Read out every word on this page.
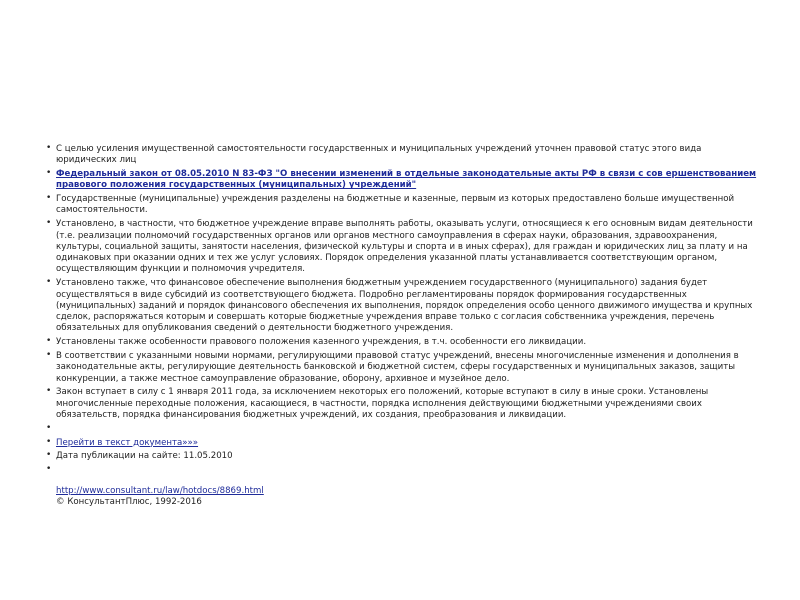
• С целью усиления имущественной самостоятельности государственных и муниципальных учреждений уточнен правовой статус этого вида юридических лиц
• Федеральный закон от 08.05.2010 N 83-ФЗ "О внесении изменений в отдельные законодательные акты РФ в связи с сов ершенствованием правового положения государственных (муниципальных) учреждений"
• Государственные (муниципальные) учреждения разделены на бюджетные и казенные, первым из которых предоставлено больше имущественной самостоятельности.
• Установлено, в частности, что бюджетное учреждение вправе выполнять работы, оказывать услуги, относящиеся к его основным видам деятельности (т.е. реализации полномочий государственных органов или органов местного самоуправления в сферах науки, образования, здравоохранения, культуры, социальной защиты, занятости населения, физической культуры и спорта и в иных сферах), для граждан и юридических лиц за плату и на одинаковых при оказании одних и тех же услуг условиях. Порядок определения указанной платы устанавливается соответствующим органом, осуществляющим функции и полномочия учредителя.
• Установлено также, что финансовое обеспечение выполнения бюджетным учреждением государственного (муниципального) задания будет осуществляться в виде субсидий из соответствующего бюджета. Подробно регламентированы порядок формирования государственных (муниципальных) заданий и порядок финансового обеспечения их выполнения, порядок определения особо ценного движимого имущества и крупных сделок, распоряжаться которым и совершать которые бюджетные учреждения вправе только с согласия собственника учреждения, перечень обязательных для опубликования сведений о деятельности бюджетного учреждения.
• Установлены также особенности правового положения казенного учреждения, в т.ч. особенности его ликвидации.
• В соответствии с указанными новыми нормами, регулирующими правовой статус учреждений, внесены многочисленные изменения и дополнения в законодательные акты, регулирующие деятельность банковской и бюджетной систем, сферы государственных и муниципальных заказов, защиты конкуренции, а также местное самоуправление образование, оборону, архивное и музейное дело.
• Закон вступает в силу с 1 января 2011 года, за исключением некоторых его положений, которые вступают в силу в иные сроки. Установлены многочисленные переходные положения, касающиеся, в частности, порядка исполнения действующими бюджетными учреждениями своих обязательств, порядка финансирования бюджетных учреждений, их создания, преобразования и ликвидации.
•
• Перейти в текст документа»»»
• Дата публикации на сайте: 11.05.2010
•
http://www.consultant.ru/law/hotdocs/8869.html
© КонсультантПлюс, 1992-2016
